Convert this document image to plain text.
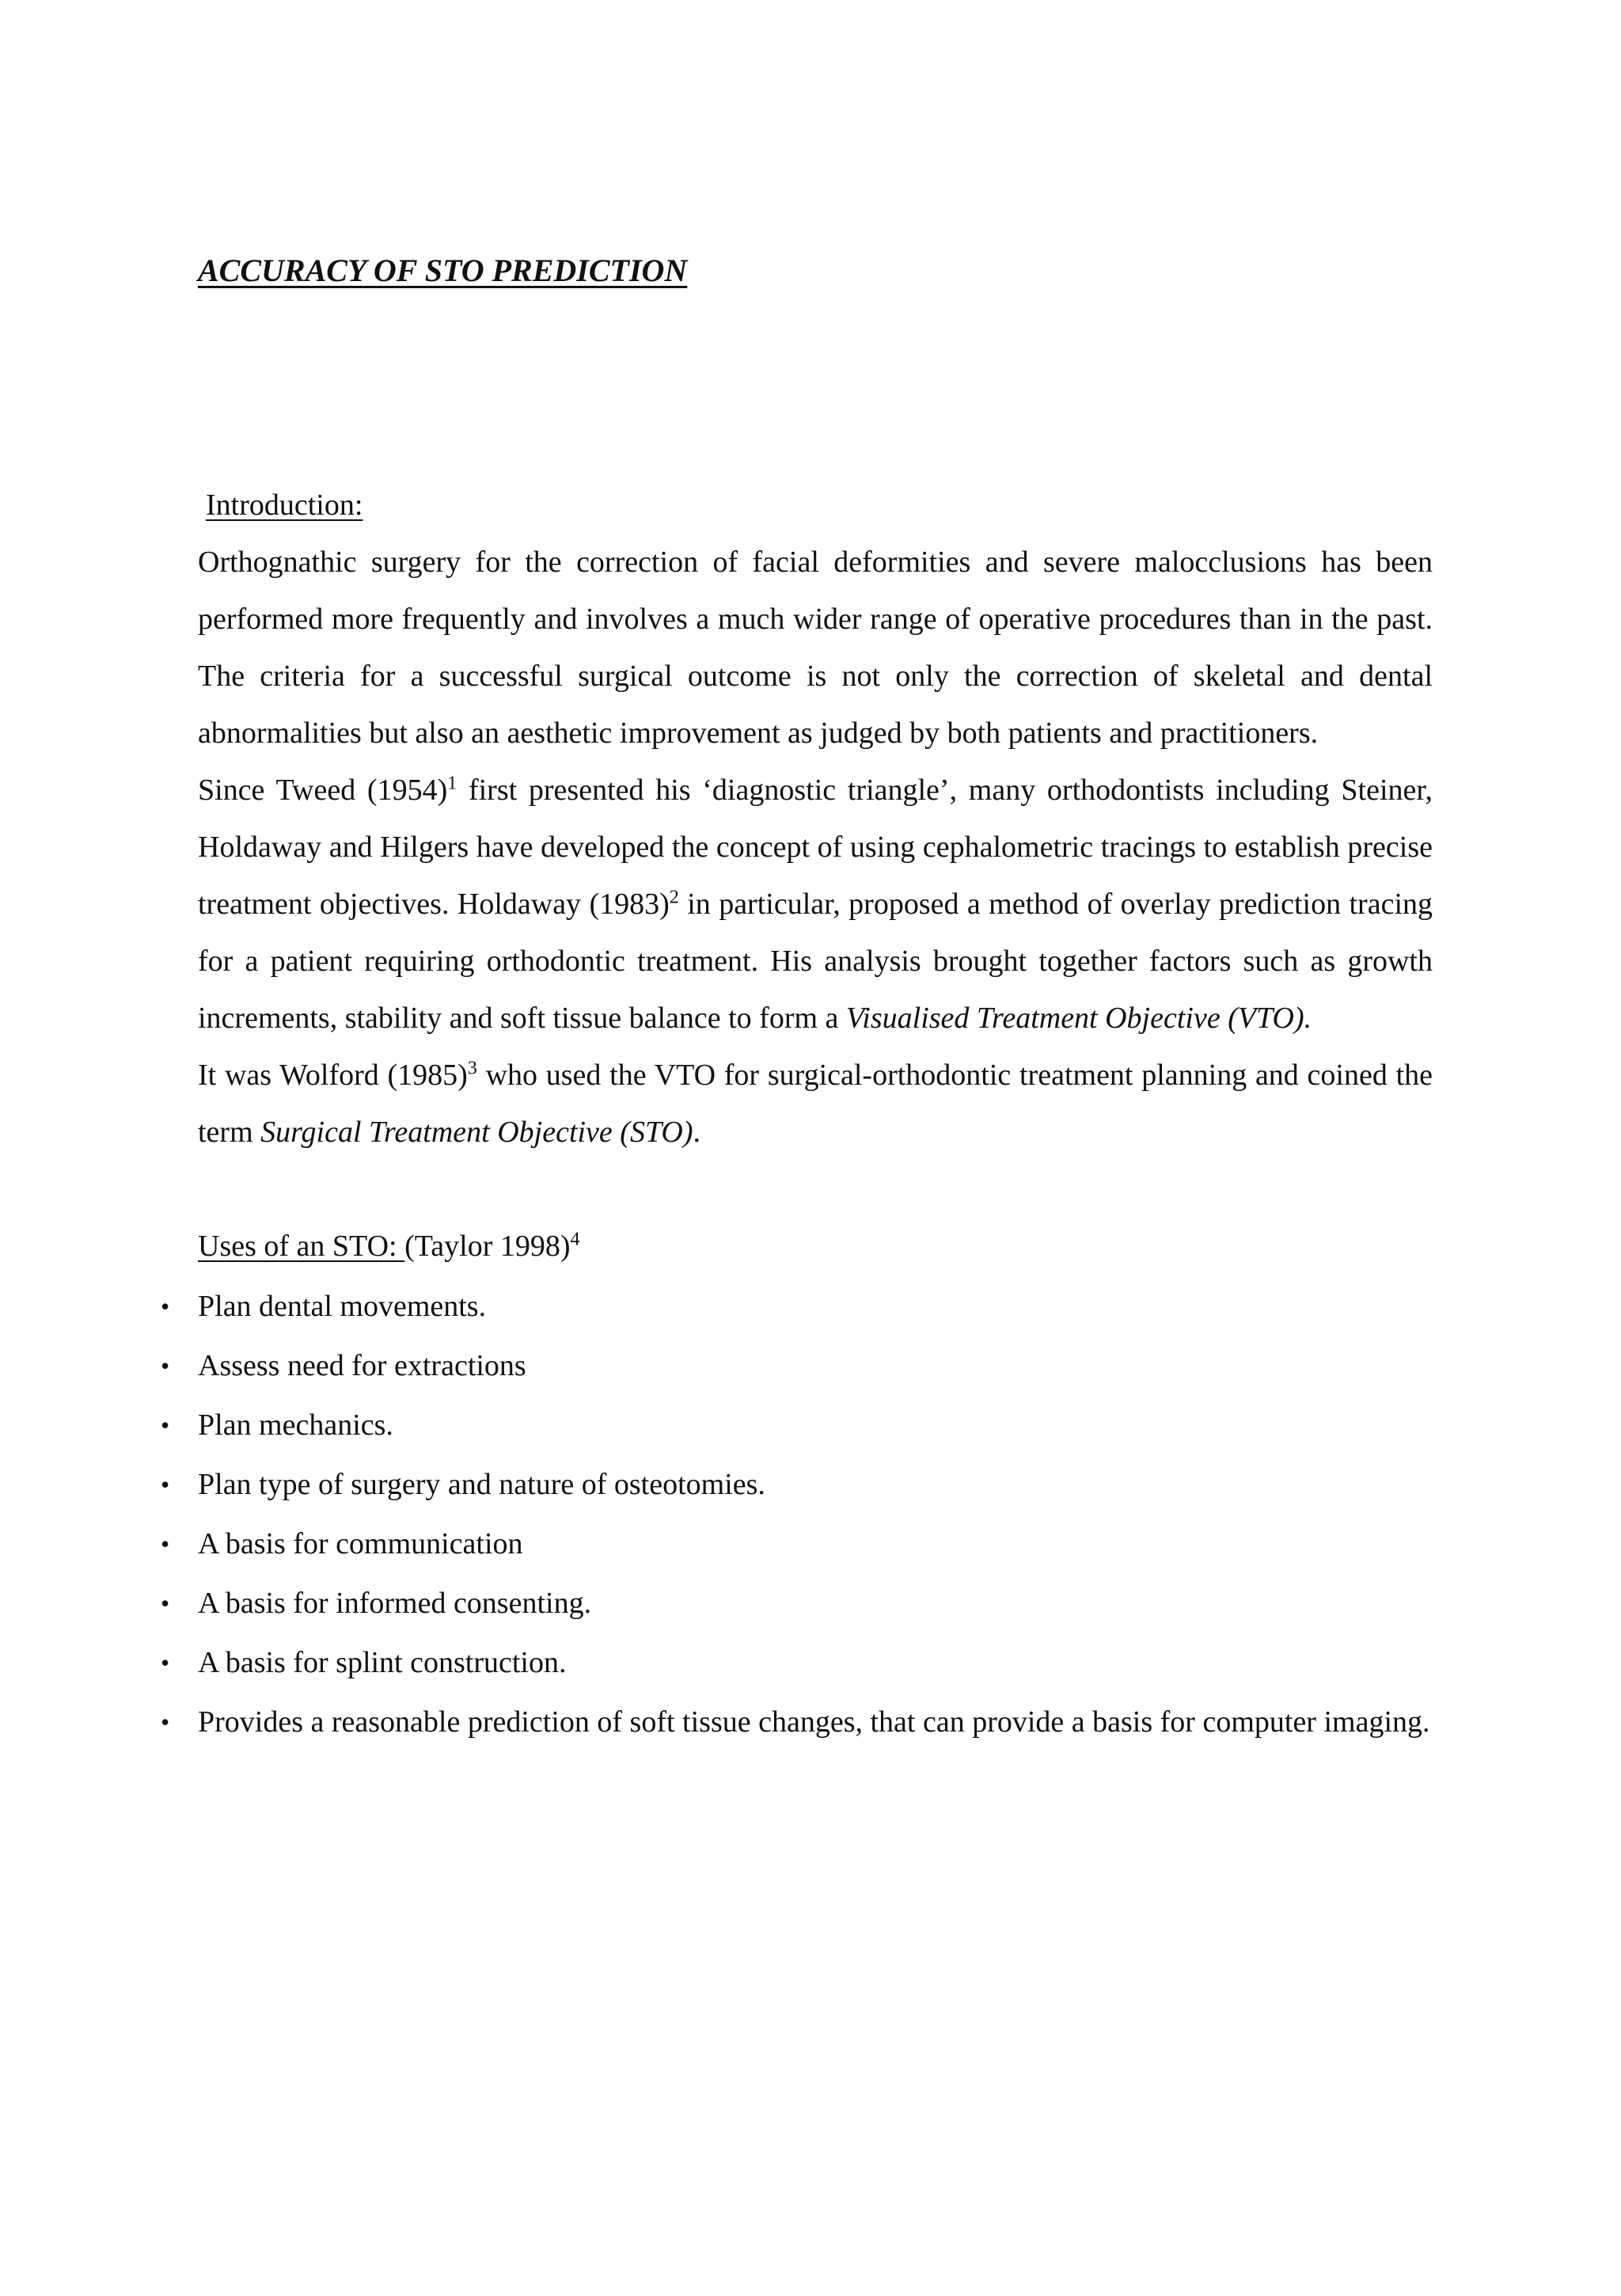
ACCURACY OF STO PREDICTION
Introduction:

Orthognathic surgery for the correction of facial deformities and severe malocclusions has been performed more frequently and involves a much wider range of operative procedures than in the past. The criteria for a successful surgical outcome is not only the correction of skeletal and dental abnormalities but also an aesthetic improvement as judged by both patients and practitioners.

Since Tweed $(1954)^1$ first presented his ‘diagnostic triangle’, many orthodontists including Steiner, Holdaway and Hilgers have developed the concept of using cephalometric tracings to establish precise treatment objectives. Holdaway $(1983)^2$ in particular, proposed a method of overlay prediction tracing for a patient requiring orthodontic treatment. His analysis brought together factors such as growth increments, stability and soft tissue balance to form a Visualised Treatment Objective (VTO).

It was Wolford $(1985)^3$ who used the VTO for surgical-orthodontic treatment planning and coined the term Surgical Treatment Objective (STO).

Uses of an STO: (Taylor 1998)$^4$
• Plan dental movements.
• Assess need for extractions
• Plan mechanics.
• Plan type of surgery and nature of osteotomies.
• A basis for communication
• A basis for informed consenting.
• A basis for splint construction.
• Provides a reasonable prediction of soft tissue changes, that can provide a basis for computer imaging.
